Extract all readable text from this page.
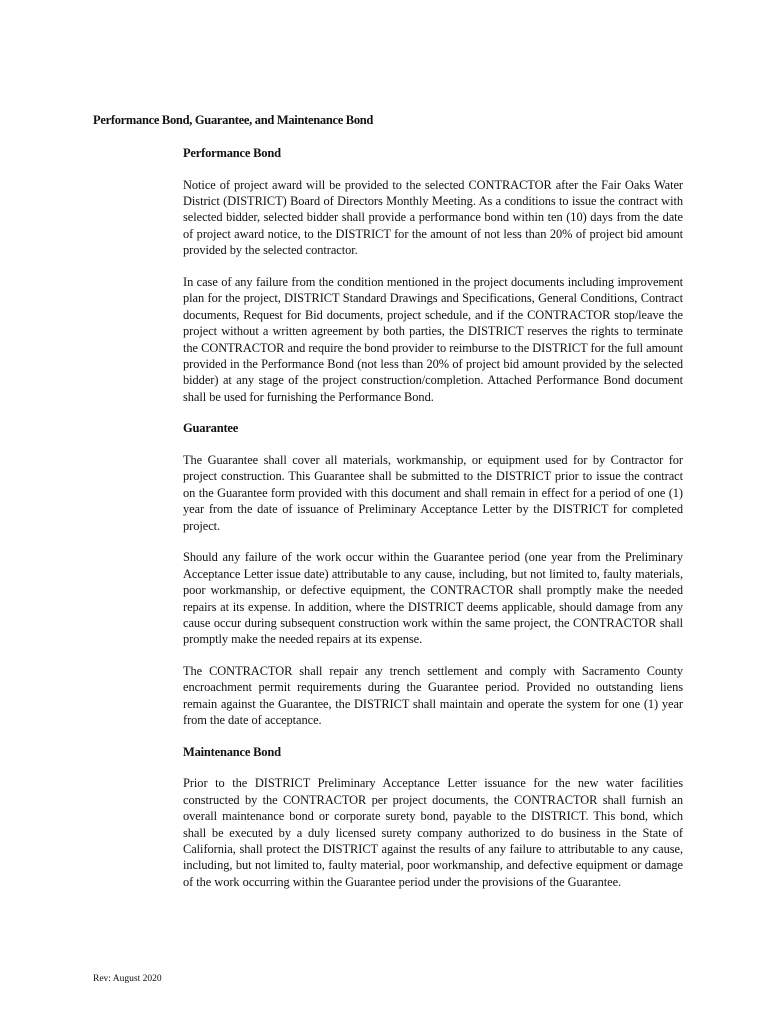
Performance Bond, Guarantee, and Maintenance Bond
Performance Bond

Notice of project award will be provided to the selected CONTRACTOR after the Fair Oaks Water District (DISTRICT) Board of Directors Monthly Meeting. As a conditions to issue the contract with selected bidder, selected bidder shall provide a performance bond within ten (10) days from the date of project award notice, to the DISTRICT for the amount of not less than 20% of project bid amount provided by the selected contractor.

In case of any failure from the condition mentioned in the project documents including improvement plan for the project, DISTRICT Standard Drawings and Specifications, General Conditions, Contract documents, Request for Bid documents, project schedule, and if the CONTRACTOR stop/leave the project without a written agreement by both parties, the DISTRICT reserves the rights to terminate the CONTRACTOR and require the bond provider to reimburse to the DISTRICT for the full amount provided in the Performance Bond (not less than 20% of project bid amount provided by the selected bidder) at any stage of the project construction/completion. Attached Performance Bond document shall be used for furnishing the Performance Bond.

Guarantee

The Guarantee shall cover all materials, workmanship, or equipment used for by Contractor for project construction. This Guarantee shall be submitted to the DISTRICT prior to issue the contract on the Guarantee form provided with this document and shall remain in effect for a period of one (1) year from the date of issuance of Preliminary Acceptance Letter by the DISTRICT for completed project.

Should any failure of the work occur within the Guarantee period (one year from the Preliminary Acceptance Letter issue date) attributable to any cause, including, but not limited to, faulty materials, poor workmanship, or defective equipment, the CONTRACTOR shall promptly make the needed repairs at its expense. In addition, where the DISTRICT deems applicable, should damage from any cause occur during subsequent construction work within the same project, the CONTRACTOR shall promptly make the needed repairs at its expense.

The CONTRACTOR shall repair any trench settlement and comply with Sacramento County encroachment permit requirements during the Guarantee period. Provided no outstanding liens remain against the Guarantee, the DISTRICT shall maintain and operate the system for one (1) year from the date of acceptance.

Maintenance Bond

Prior to the DISTRICT Preliminary Acceptance Letter issuance for the new water facilities constructed by the CONTRACTOR per project documents, the CONTRACTOR shall furnish an overall maintenance bond or corporate surety bond, payable to the DISTRICT. This bond, which shall be executed by a duly licensed surety company authorized to do business in the State of California, shall protect the DISTRICT against the results of any failure to attributable to any cause, including, but not limited to, faulty material, poor workmanship, and defective equipment or damage of the work occurring within the Guarantee period under the provisions of the Guarantee.

Rev: August 2020
